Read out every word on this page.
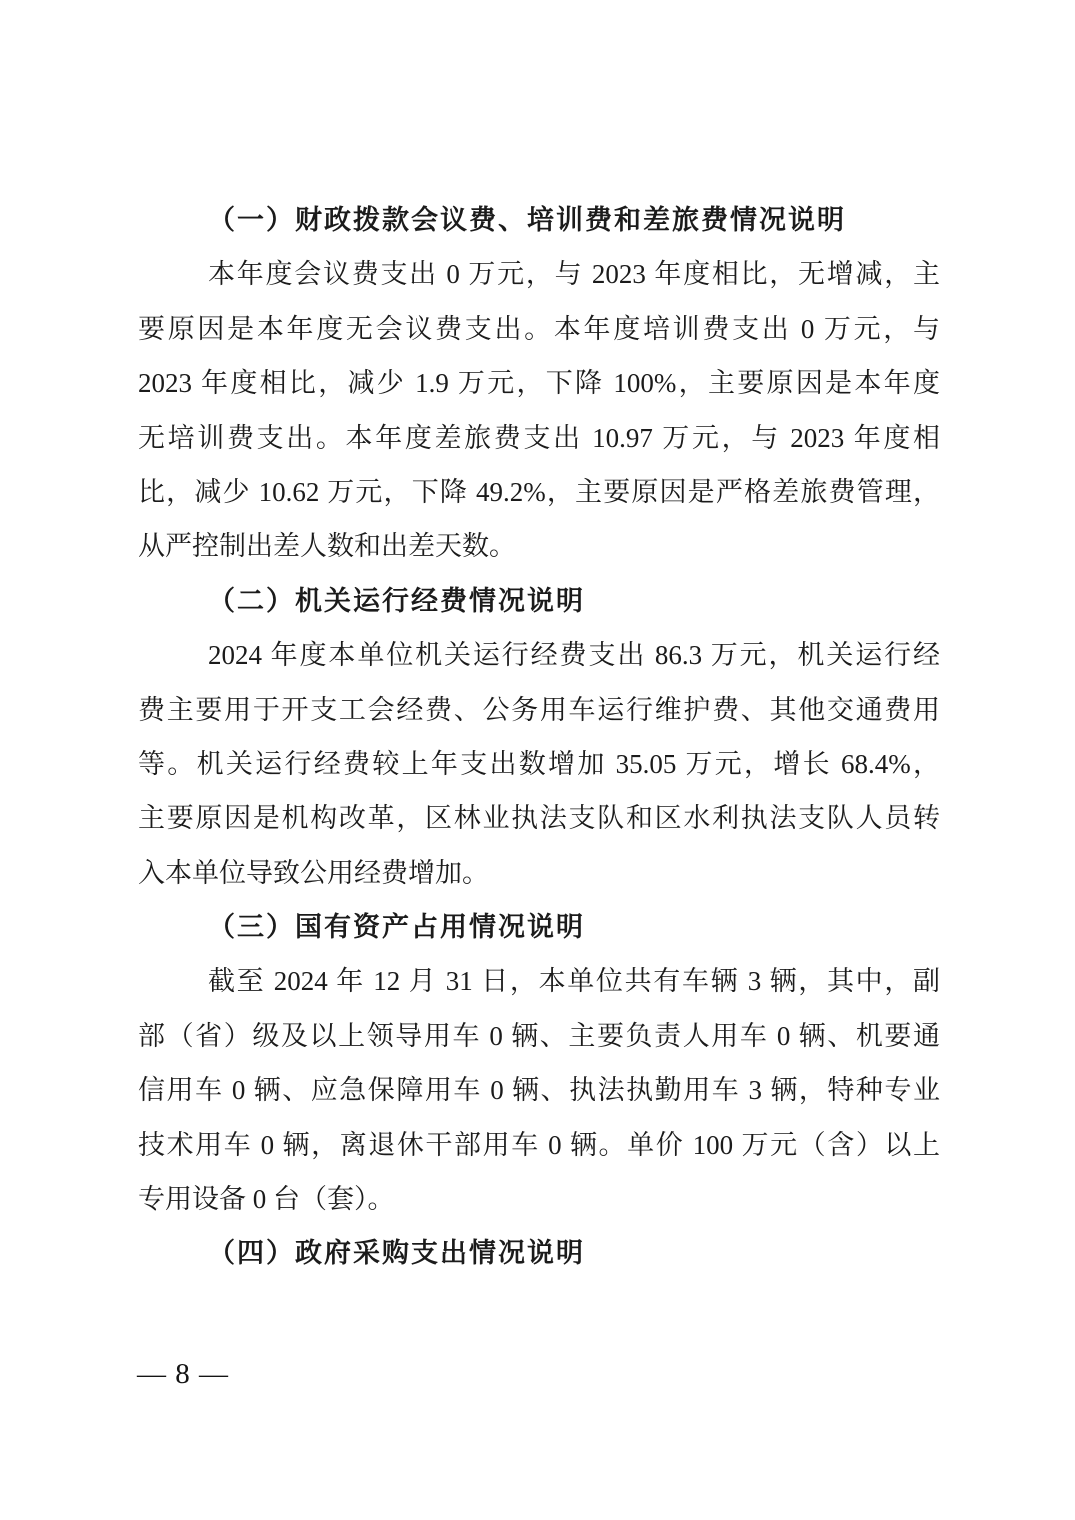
（一）财政拨款会议费、培训费和差旅费情况说明
本年度会议费支出 0 万元，与 2023 年度相比，无增减，主
要原因是本年度无会议费支出。本年度培训费支出 0 万元，与
2023 年度相比，减少 1.9 万元，下降 100%，主要原因是本年度
无培训费支出。本年度差旅费支出 10.97 万元，与 2023 年度相
比，减少 10.62 万元，下降 49.2%，主要原因是严格差旅费管理，
从严控制出差人数和出差天数。
（二）机关运行经费情况说明
2024 年度本单位机关运行经费支出 86.3 万元，机关运行经
费主要用于开支工会经费、公务用车运行维护费、其他交通费用
等。机关运行经费较上年支出数增加 35.05 万元，增长 68.4%，
主要原因是机构改革，区林业执法支队和区水利执法支队人员转
入本单位导致公用经费增加。
（三）国有资产占用情况说明
截至 2024 年 12 月 31 日，本单位共有车辆 3 辆，其中，副
部（省）级及以上领导用车 0 辆、主要负责人用车 0 辆、机要通
信用车 0 辆、应急保障用车 0 辆、执法执勤用车 3 辆，特种专业
技术用车 0 辆，离退休干部用车 0 辆。单价 100 万元（含）以上
专用设备 0 台（套）。
（四）政府采购支出情况说明
— 8 —
